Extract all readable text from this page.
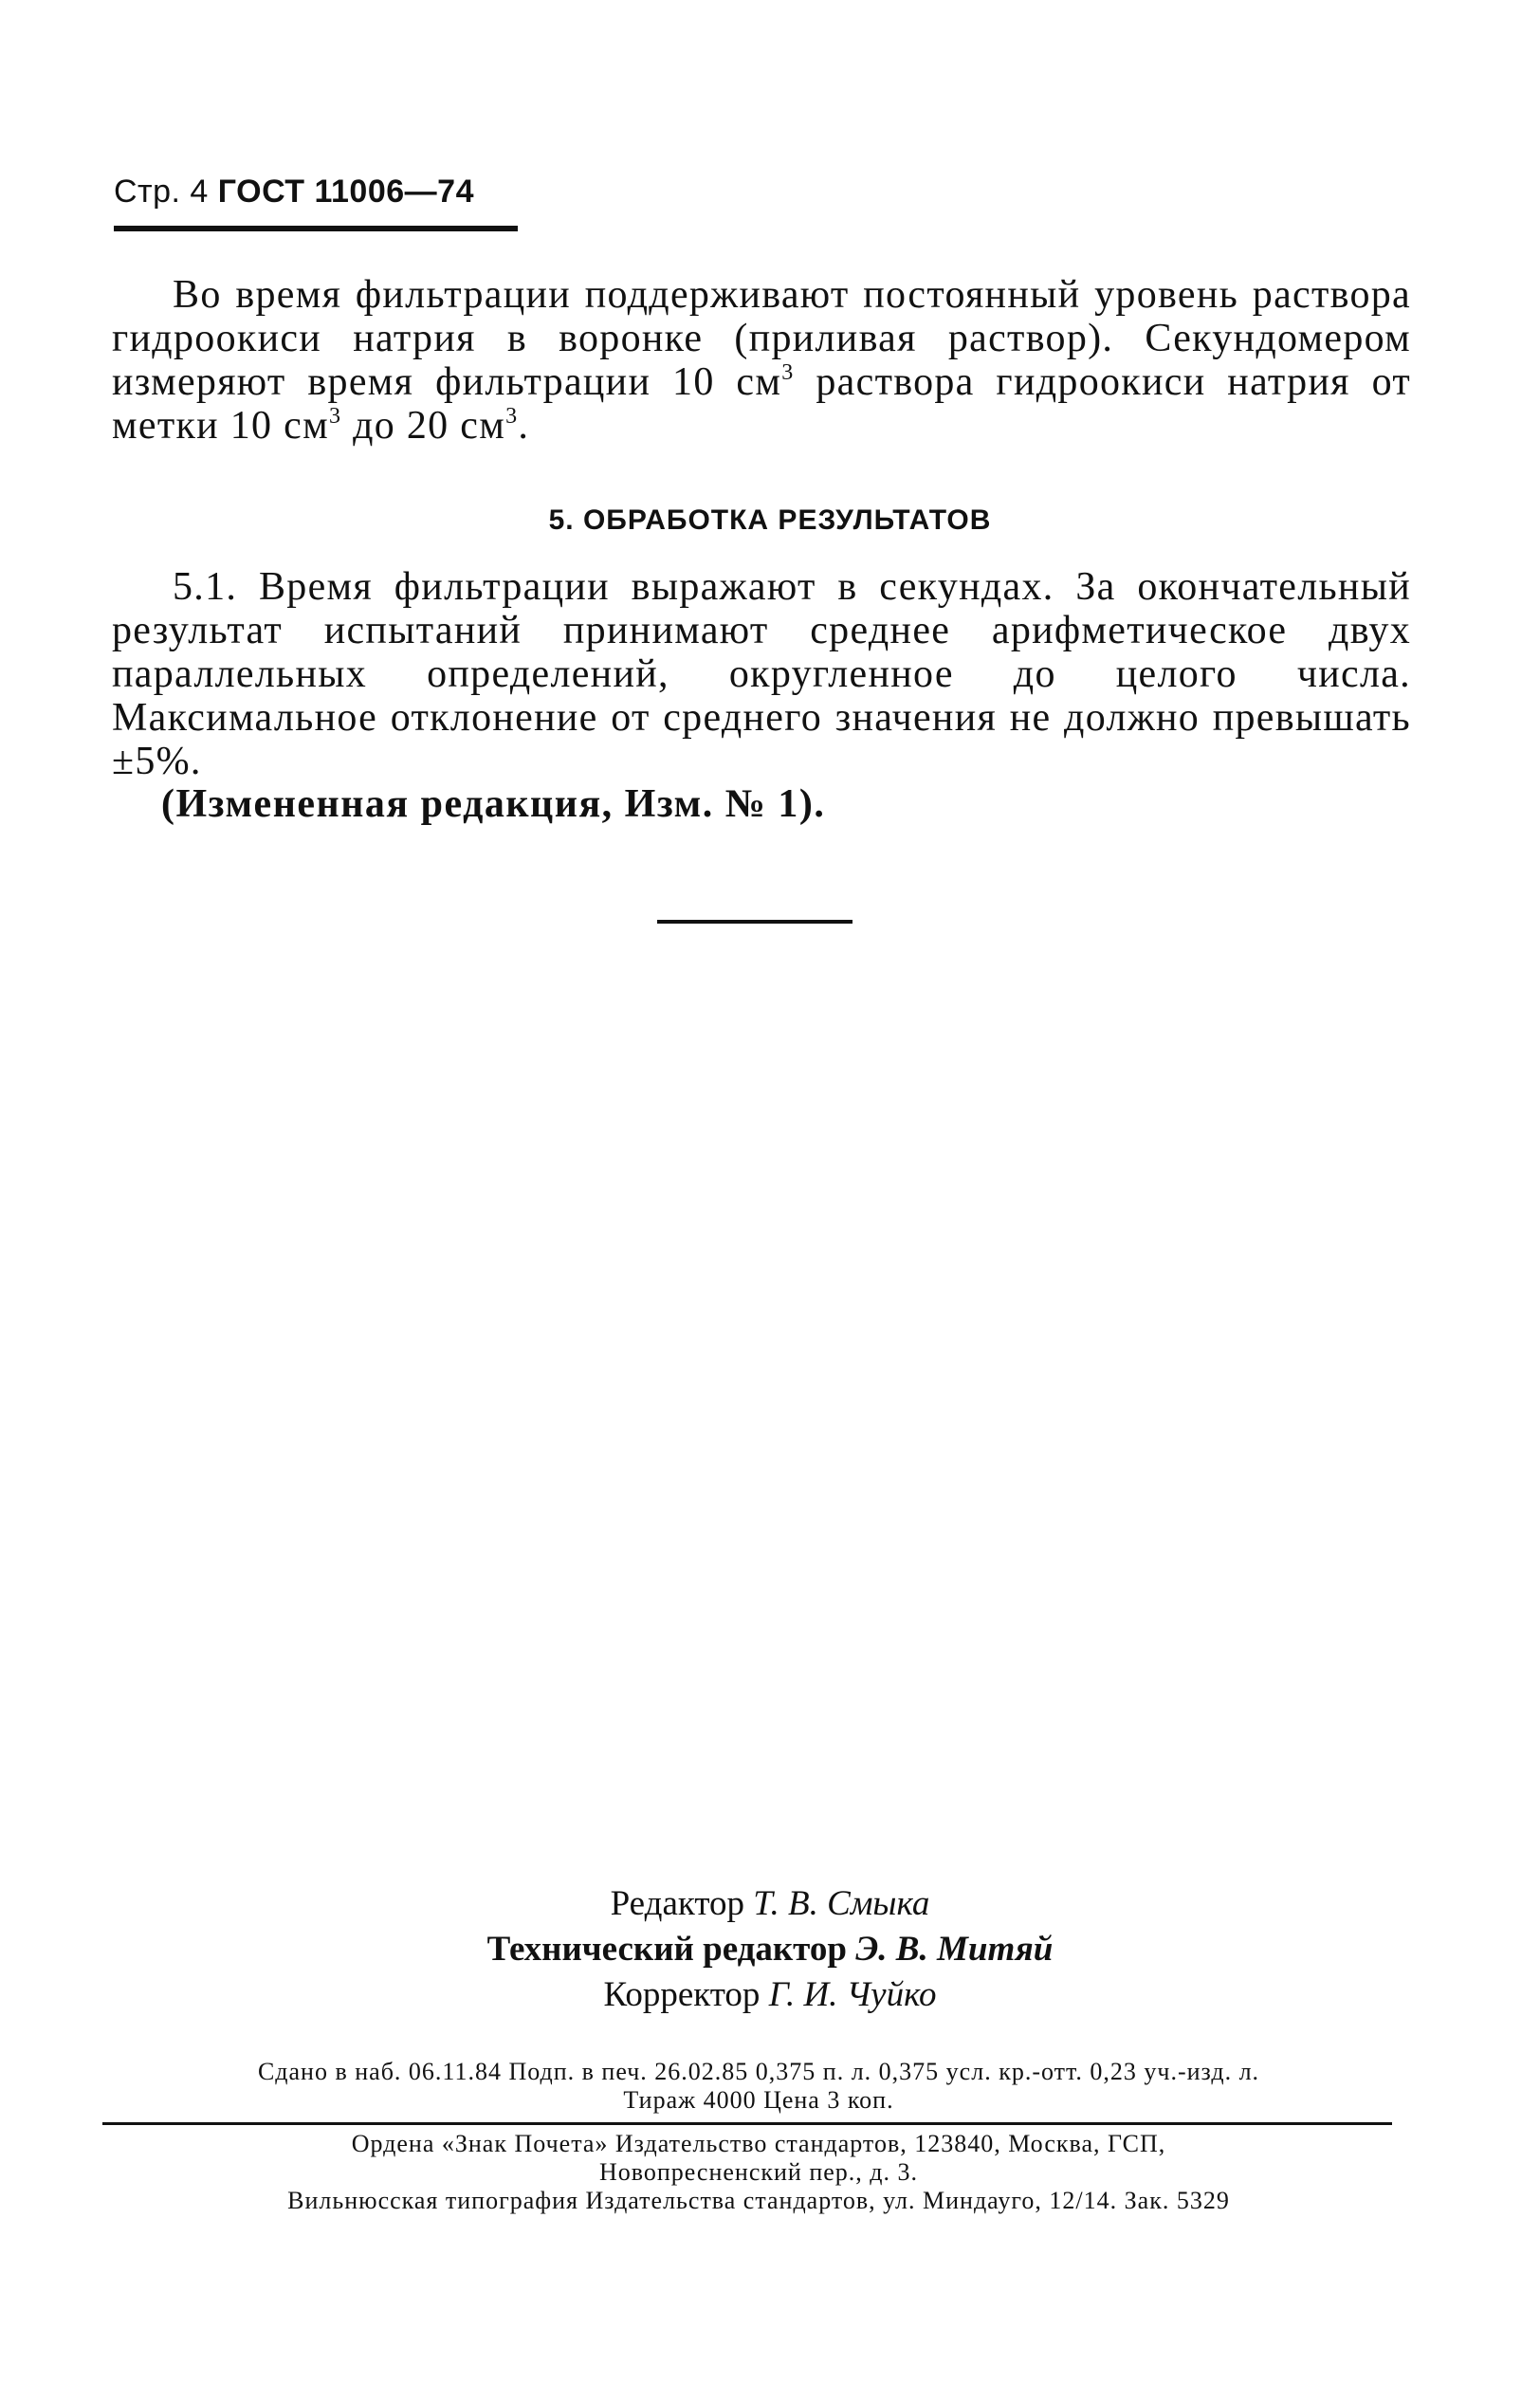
Стр. 4 ГОСТ 11006—74

Во время фильтрации поддерживают постоянный уровень раствора гидроокиси натрия в воронке (приливая раствор). Секундомером измеряют время фильтрации 10 $см^3$ раствора гидроокиси натрия от метки 10 $см^3$ до 20 $см^3$.

5. ОБРАБОТКА РЕЗУЛЬТАТОВ

5.1. Время фильтрации выражают в секундах. За окончательный результат испытаний принимают среднее арифметическое двух параллельных определений, округленное до целого числа. Максимальное отклонение от среднего значения не должно превышать ±5%.

(Измененная редакция, Изм. № 1).
Редактор Т. В. Смыка
Технический редактор Э. В. Митяй
Корректор Г. И. Чуйко
Сдано в наб. 06.11.84 Подп. в печ. 26.02.85 0,375 п. л. 0,375 усл. кр.-отт. 0,23 уч.-изд. л.
Тираж 4000 Цена 3 коп.
Ордена «Знак Почета» Издательство стандартов, 123840, Москва, ГСП,
Новопресненский пер., д. 3.
Вильнюсская типография Издательства стандартов, ул. Миндауго, 12/14. Зак. 5329
